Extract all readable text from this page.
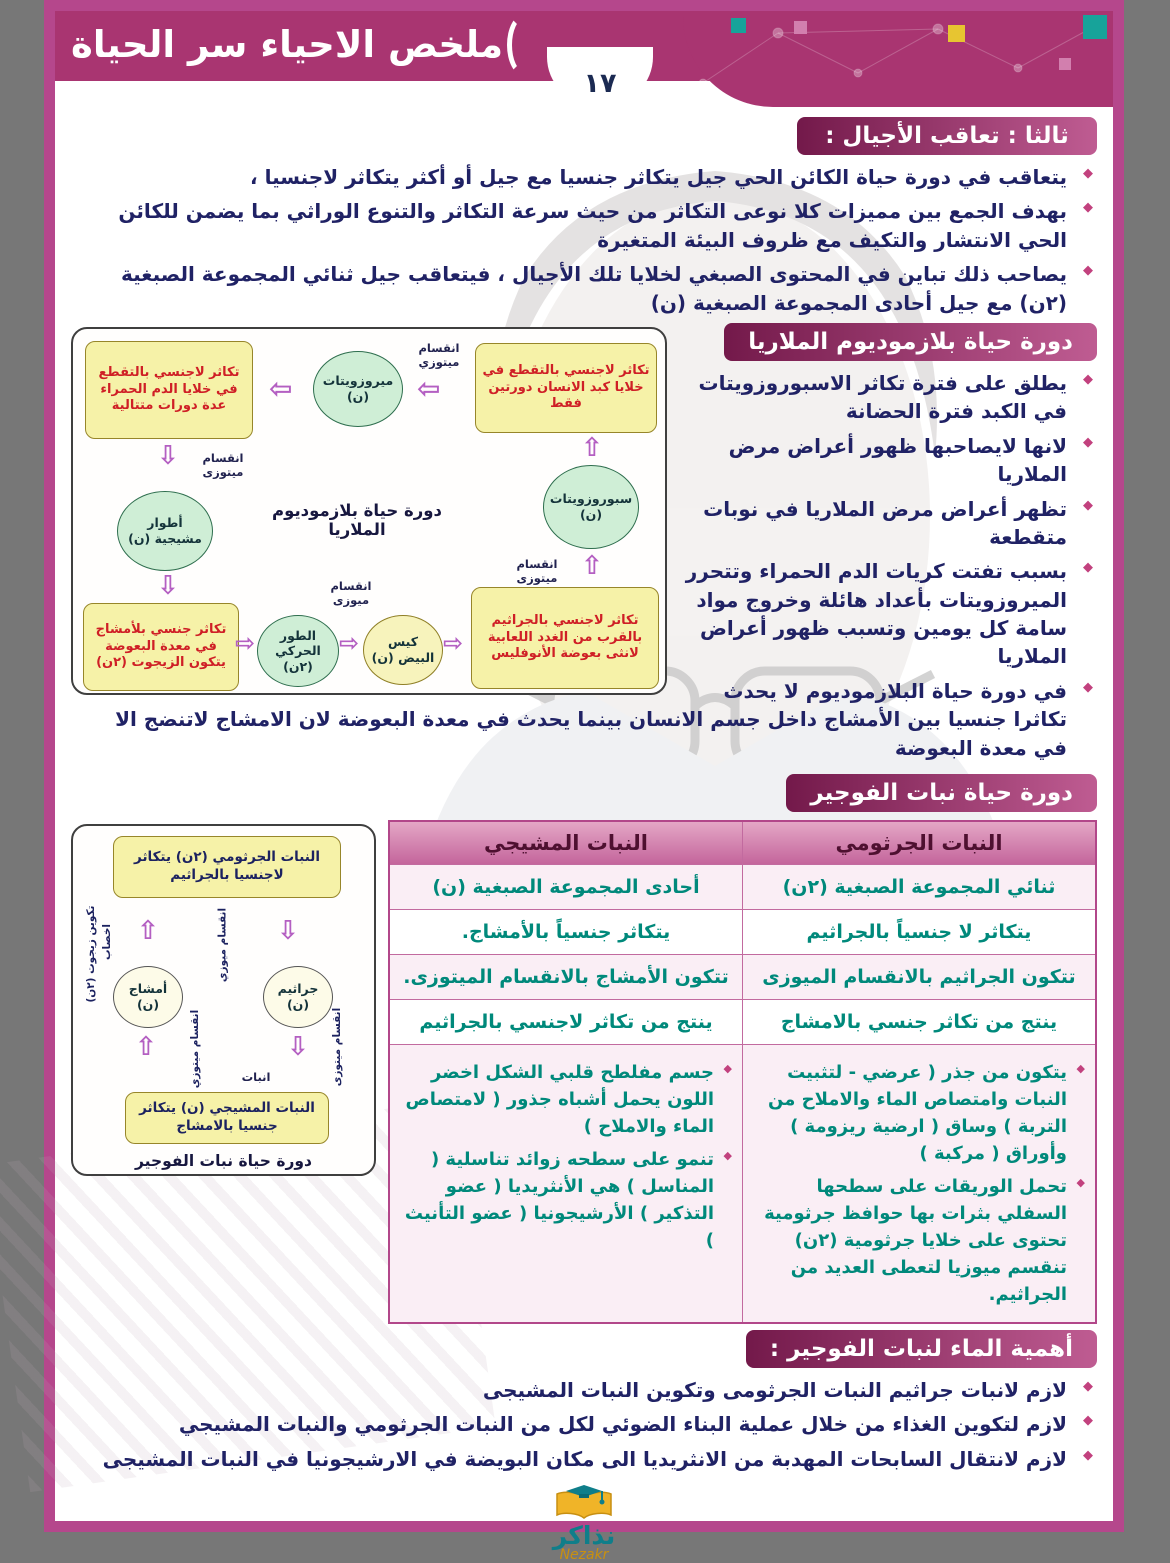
ملخص الاحياء سر الحياة
١٧
ثالثا : تعاقب الأجيال :
◆ يتعاقب في دورة حياة الكائن الحي جيل يتكاثر جنسيا مع جيل أو أكثر يتكاثر لاجنسيا ،
◆ بهدف الجمع بين مميزات كلا نوعى التكاثر من حيث سرعة التكاثر والتنوع الوراثي بما يضمن للكائن الحي الانتشار والتكيف مع ظروف البيئة المتغيرة
◆ يصاحب ذلك تباين في المحتوى الصبغي لخلايا تلك الأجيال ، فيتعاقب جيل ثنائي المجموعة الصبغية (٢ن) مع جيل أحادى المجموعة الصبغية (ن)
تكاثر لاجنسي بالتقطع في خلايا كبد الانسان دورتين فقط
تكاثر لاجنسي بالتقطع في خلايا الدم الحمراء عدة دورات متتالية
ميروزويتات (ن)
انقسام ميتوزي
⇦
⇦
⇩	انقسام ميتوزى
أطوار مشيجية (ن)
⇩
تكاثر جنسي بلأمشاج في معدة البعوضة يتكون الزيجوت (٢ن)
دورة حياة بلازموديوم الملاريا
سبوروزويتات (ن)
⇧
⇧
انقسام ميتوزى
تكاثر لاجنسي بالجراثيم بالقرب من الغدد اللعابية لانثى بعوضة الأنوفليس
الطور الحركي (٢ن)
كيس البيض (ن)
⇨	⇨	⇨
انقسام ميوزى
دورة حياة بلازموديوم الملاريا
◆ يطلق على فترة تكاثر الاسبوروزويتات في الكبد فترة الحضانة
◆ لانها لايصاحبها ظهور أعراض مرض الملاريا
◆ تظهر أعراض مرض الملاريا في نوبات متقطعة
◆ بسبب تفتت كريات الدم الحمراء وتتحرر الميروزويتات بأعداد هائلة وخروج مواد سامة كل يومين وتسبب ظهور أعراض الملاريا
◆ في دورة حياة البلازموديوم لا يحدث تكاثرا جنسيا بين الأمشاج داخل جسم الانسان بينما يحدث في معدة البعوضة لان الامشاج لاتنضج الا في معدة البعوضة
دورة حياة نبات الفوجير
النبات الجرثومي	النبات المشيجي
ثنائي المجموعة الصبغية (٢ن)	أحادى المجموعة الصبغية (ن)
يتكاثر لا جنسياً بالجراثيم	يتكاثر جنسياً بالأمشاج.
تتكون الجراثيم بالانقسام الميوزى	تتكون الأمشاج بالانقسام الميتوزى.
ينتج من تكاثر جنسي بالامشاج	ينتج من تكاثر لاجنسي بالجراثيم

◆ يتكون من جذر ( عرضي - لتثبيت النبات وامتصاص الماء والاملاح من التربة ) وساق ( ارضية ريزومة ) وأوراق ( مركبة )
◆ تحمل الوريقات على سطحها السفلي بثرات بها حوافظ جرثومية تحتوى على خلايا جرثومية (٢ن) تنقسم ميوزيا لتعطى العديد من الجراثيم.

◆ جسم مفلطح قلبي الشكل اخضر اللون يحمل أشباه جذور ( لامتصاص الماء والاملاح )
◆ تنمو على سطحه زوائد تناسلية ( المناسل ) هي الأنثريديا ( عضو التذكير ) الأرشيجونيا ( عضو التأنيث )
النبات الجرثومي (٢ن) يتكاثر لاجنسيا بالجراثيم
تكوين زيجوت (٢ن) اخصاب ⇧	انقسام ميوزي ⇩
أمشاج (ن)
جراثيم (ن)
⇧	انقسام ميتوزي	⇩ انقسام ميتوزى
انبات
النبات المشيجي (ن) يتكاثر جنسيا بالامشاج
دورة حياة نبات الفوجير
أهمية الماء لنبات الفوجير :
◆ لازم لانبات جراثيم النبات الجرثومى وتكوين النبات المشيجى
◆ لازم لتكوين الغذاء من خلال عملية البناء الضوئي لكل من النبات الجرثومي والنبات المشيجي
◆ لازم لانتقال السابحات المهدبة من الانثريديا الى مكان البويضة في الارشيجونيا في النبات المشيجى
نذاكر
Nezakr
